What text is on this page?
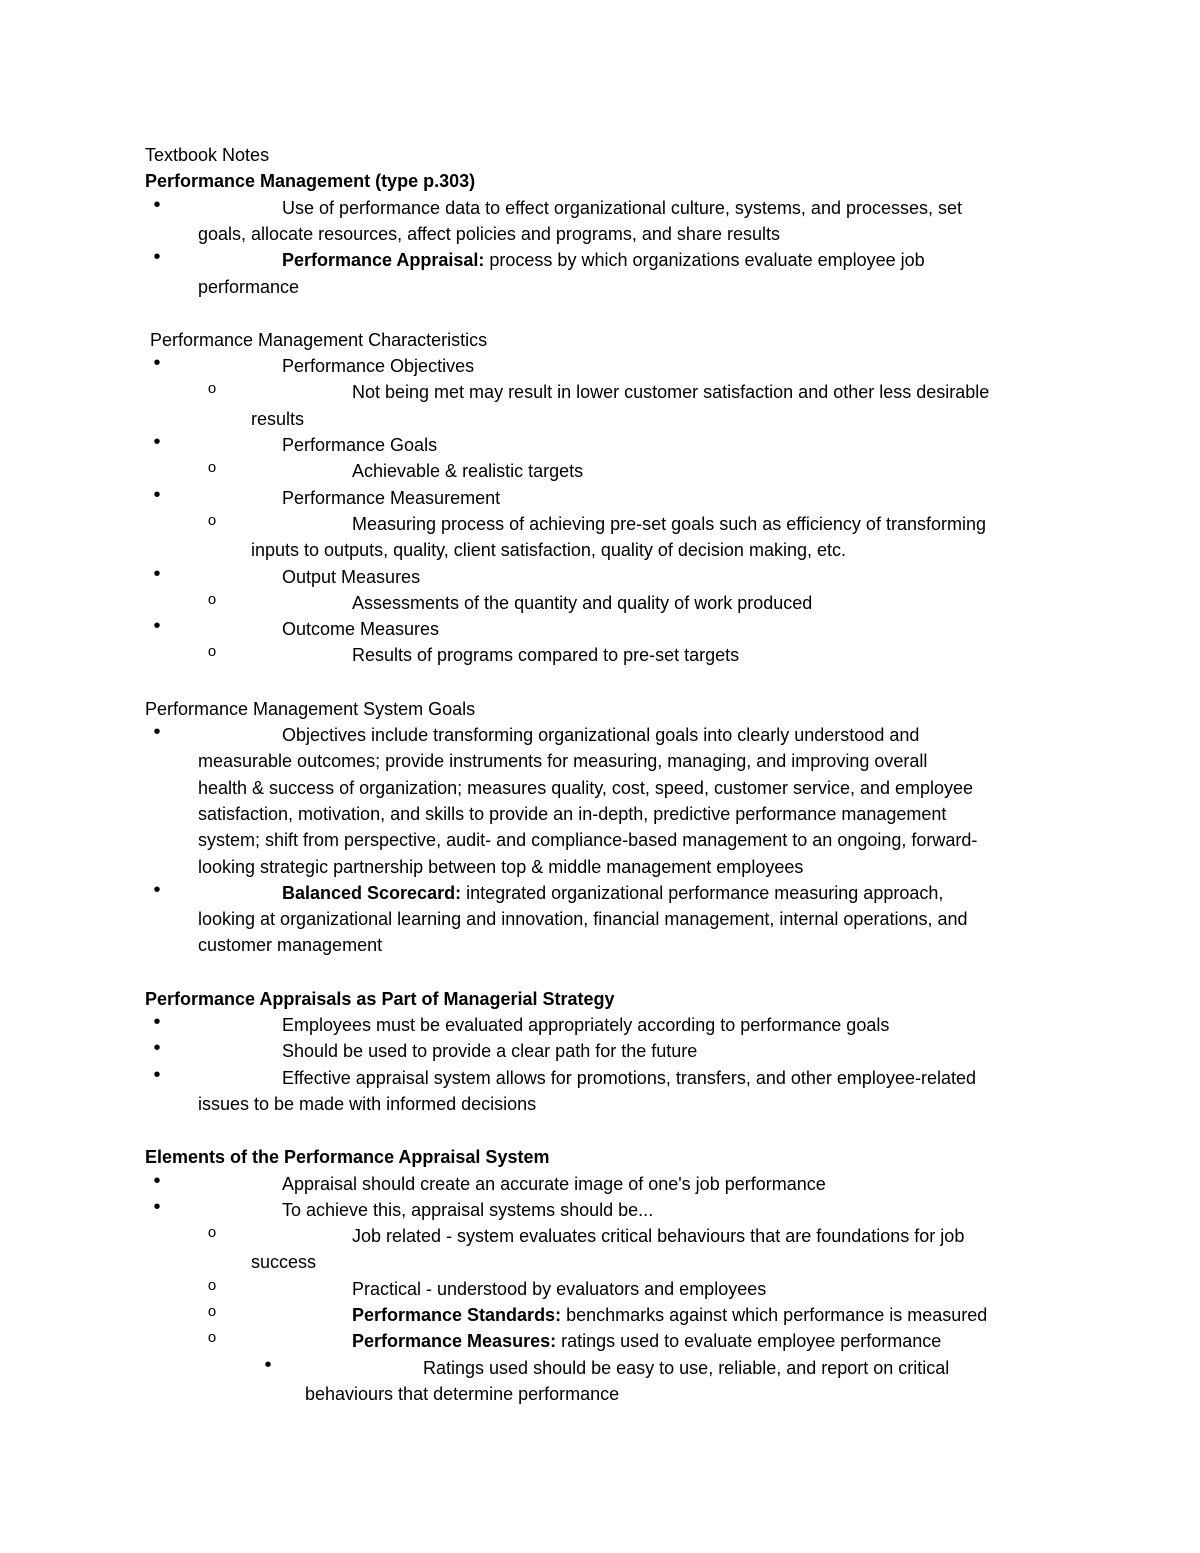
Textbook Notes
Performance Management (type p.303)
•	Use of performance data to effect organizational culture, systems, and processes, set
goals, allocate resources, affect policies and programs, and share results
•	Performance Appraisal: process by which organizations evaluate employee job
performance
Performance Management Characteristics
•	Performance Objectives
o	Not being met may result in lower customer satisfaction and other less desirable
results
•	Performance Goals
o	Achievable & realistic targets
•	Performance Measurement
o	Measuring process of achieving pre-set goals such as efficiency of transforming
inputs to outputs, quality, client satisfaction, quality of decision making, etc.
•	Output Measures
o	Assessments of the quantity and quality of work produced
•	Outcome Measures
o	Results of programs compared to pre-set targets
Performance Management System Goals
•	Objectives include transforming organizational goals into clearly understood and
measurable outcomes; provide instruments for measuring, managing, and improving overall
health & success of organization; measures quality, cost, speed, customer service, and employee
satisfaction, motivation, and skills to provide an in-depth, predictive performance management
system; shift from perspective, audit- and compliance-based management to an ongoing, forward-
looking strategic partnership between top & middle management employees
•	Balanced Scorecard: integrated organizational performance measuring approach,
looking at organizational learning and innovation, financial management, internal operations, and
customer management
Performance Appraisals as Part of Managerial Strategy
•	Employees must be evaluated appropriately according to performance goals
•	Should be used to provide a clear path for the future
•	Effective appraisal system allows for promotions, transfers, and other employee-related
issues to be made with informed decisions
Elements of the Performance Appraisal System
•	Appraisal should create an accurate image of one's job performance
•	To achieve this, appraisal systems should be...
o	Job related - system evaluates critical behaviours that are foundations for job
success
o	Practical - understood by evaluators and employees
o	Performance Standards: benchmarks against which performance is measured
o	Performance Measures: ratings used to evaluate employee performance
•	Ratings used should be easy to use, reliable, and report on critical
behaviours that determine performance
